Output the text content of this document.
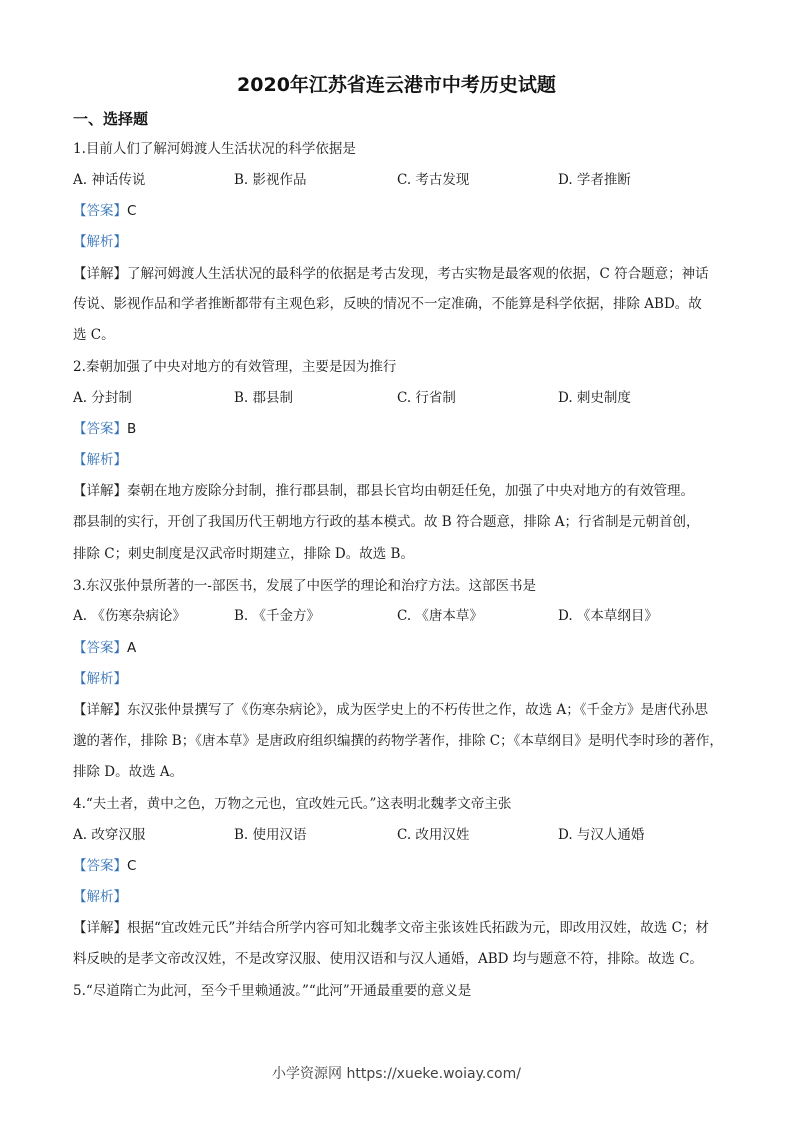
2020年江苏省连云港市中考历史试题
一、选择题
1.目前人们了解河姆渡人生活状况的科学依据是
A. 神话传说	B. 影视作品	C. 考古发现	D. 学者推断
【答案】C
【解析】
【详解】了解河姆渡人生活状况的最科学的依据是考古发现，考古实物是最客观的依据，C 符合题意；神话
传说、影视作品和学者推断都带有主观色彩，反映的情况不一定准确，不能算是科学依据，排除 ABD。故
选 C。
2.秦朝加强了中央对地方的有效管理，主要是因为推行
A. 分封制	B. 郡县制	C. 行省制	D. 刺史制度
【答案】B
【解析】
【详解】秦朝在地方废除分封制，推行郡县制，郡县长官均由朝廷任免，加强了中央对地方的有效管理。
郡县制的实行，开创了我国历代王朝地方行政的基本模式。故 B 符合题意，排除 A；行省制是元朝首创，
排除 C；刺史制度是汉武帝时期建立，排除 D。故选 B。
3.东汉张仲景所著的一-部医书，发展了中医学的理论和治疗方法。这部医书是
A. 《伤寒杂病论》	B. 《千金方》	C. 《唐本草》	D. 《本草纲目》
【答案】A
【解析】
【详解】东汉张仲景撰写了《伤寒杂病论》，成为医学史上的不朽传世之作，故选 A；《千金方》是唐代孙思
邈的著作，排除 B；《唐本草》是唐政府组织编撰的药物学著作，排除 C；《本草纲目》是明代李时珍的著作，
排除 D。故选 A。
4.“夫土者，黄中之色，万物之元也，宜改姓元氏。”这表明北魏孝文帝主张
A. 改穿汉服	B. 使用汉语	C. 改用汉姓	D. 与汉人通婚
【答案】C
【解析】
【详解】根据“宜改姓元氏”并结合所学内容可知北魏孝文帝主张该姓氏拓跋为元，即改用汉姓，故选 C；材
料反映的是孝文帝改汉姓，不是改穿汉服、使用汉语和与汉人通婚，ABD 均与题意不符，排除。故选 C。
5.“尽道隋亡为此河，至今千里赖通波。”“此河”开通最重要的意义是
小学资源网 https://xueke.woiay.com/
